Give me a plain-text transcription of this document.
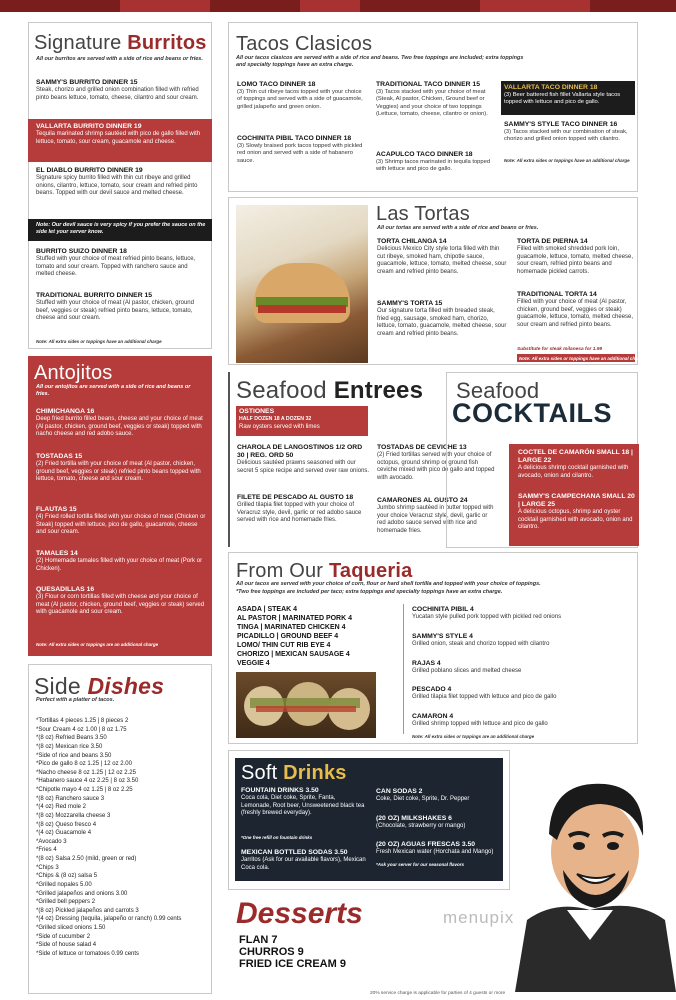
Signature Burritos
All our burritos are served with a side of rice and beans or fries.
SAMMY'S BURRITO DINNER 15
Steak, chorizo and grilled onion combination filled with refried pinto beans lettuce, tomato, cheese, cilantro and sour cream.
VALLARTA BURRITO DINNER 19
Tequila marinated shrimp sautéed with pico de gallo filled with lettuce, tomato, sour cream, guacamole and cheese.
EL DIABLO BURRITO DINNER 19
Signature spicy burrito filled with thin cut ribeye and grilled onions, cilantro, lettuce, tomato, sour cream and refried pinto beans. Topped with our devil sauce and melted cheese.
Note: Our devil sauce is very spicy if you prefer the sauce on the side let your server know.
BURRITO SUIZO DINNER 18
Stuffed with your choice of meat refried pinto beans, lettuce, tomato and sour cream. Topped with ranchero sauce and melted cheese.
TRADITIONAL BURRITO DINNER 15
Stuffed with your choice of meat (Al pastor, chicken, ground beef, veggies or steak) refried pinto beans, lettuce, tomato, cheese and sour cream.
Note: All extra sides or toppings have an additional charge
Tacos Clasicos
All our tacos clasicos are served with a side of rice and beans. Two free toppings are included; extra toppings and specialty toppings have an extra charge.
LOMO TACO DINNER 18
(3) Thin cut ribeye tacos topped with your choice of toppings and served with a side of guacamole, grilled jalapeño and green onion.
COCHINITA PIBIL TACO DINNER 18
(3) Slowly braised pork tacos topped with pickled red onion and served with a side of habanero sauce.
TRADITIONAL TACO DINNER 15
(3) Tacos stacked with your choice of meat (Steak, Al pastor, Chicken, Ground beef or Veggies) and your choice of two toppings (Lettuce, tomato, cheese, cilantro or onion).
ACAPULCO TACO DINNER 18
(3) Shrimp tacos marinated in tequila topped with lettuce and pico de gallo.
VALLARTA TACO DINNER 18
(3) Beer battered fish fillet Vallarta style tacos topped with lettuce and pico de gallo.
SAMMY'S STYLE TACO DINNER 16
(3) Tacos stacked with our combination of steak, chorizo and grilled onion topped with cilantro.
Note: All extra sides or toppings have an additional charge
Las Tortas
All our tortas are served with a side of rice and beans or fries.
TORTA CHILANGA 14
Delicious Mexico City style torta filled with thin cut ribeye, smoked ham, chipotle sauce, guacamole, lettuce, tomato, melted cheese, sour cream and refried pinto beans.
SAMMY'S TORTA 15
Our signature torta filled with breaded steak, fried egg, sausage, smoked ham, chorizo, lettuce, tomato, guacamole, melted cheese, sour cream and refried pinto beans.
TORTA DE PIERNA 14
Filled with smoked shredded pork loin, guacamole, lettuce, tomato, melted cheese, sour cream, refried pinto beans and homemade pickled carrots.
TRADITIONAL TORTA 14
Filled with your choice of meat (Al pastor, chicken, ground beef, veggies or steak) guacamole, lettuce, tomato, melted cheese, sour cream and refried pinto beans.
Substitute for steak milanesa for 1.99
Note: All extra sides or toppings have an additional charge
Antojitos
All our antojitos are served with a side of rice and beans or fries.
CHIMICHANGA 16
Deep fried burrito filled beans, cheese and your choice of meat (Al pastor, chicken, ground beef, veggies or steak) topped with nacho cheese and red adobo sauce.
TOSTADAS 15
(2) Fried tortilla with your choice of meat (Al pastor, chicken, ground beef, veggies or steak) refried pinto beans topped with lettuce, tomato, cheese and sour cream.
FLAUTAS 15
(4) Fried rolled tortilla filled with your choice of meat (Chicken or Steak) topped with lettuce, pico de gallo, guacamole, cheese and sour cream.
TAMALES 14
(2) Homemade tamales filled with your choice of meat (Pork or Chicken).
QUESADILLAS 16
(3) Flour or corn tortillas filled with cheese and your choice of meat (Al pastor, chicken, ground beef, veggies or steak) served with guacamole and sour cream.
Note: All extra sides or toppings are an additional charge
Seafood Entrees
OSTIONES
HALF DOZEN 18 A DOZEN 32
Raw oysters served with limes
CHAROLA DE LANGOSTINOS 1/2 ORD 30 | REG. ORD 50
Delicious sautéed prawns seasoned with our secret 5 spice recipe and served over raw onions.
FILETE DE PESCADO AL GUSTO 18
Grilled tilapia filet topped with your choice of Veracruz style, devil, garlic or red adobo sauce served with rice and homemade fries.
TOSTADAS DE CEVICHE 13
(2) Fried tortillas served with your choice of octopus, ground shrimp or ground fish ceviche mixed with pico de gallo and topped with avocado.
CAMARONES AL GUSTO 24
Jumbo shrimp sautéed in butter topped with your choice Veracruz style, devil, garlic or red adobo sauce served with rice and homemade fries.
Seafood
COCKTAILS
COCTEL DE CAMARÓN SMALL 18 | LARGE 22
A delicious shrimp cocktail garnished with avocado, onion and cilantro.
SAMMY'S CAMPECHANA SMALL 20 | LARGE 25
A delicious octopus, shrimp and oyster cocktail garnished with avocado, onion and cilantro.
From Our Taqueria
All our tacos are served with your choice of corn, flour or hard shell tortilla and topped with your choice of toppings.
*Two free toppings are included per taco; extra toppings and specialty toppings have an extra charge.
ASADA | STEAK 4
AL PASTOR | MARINATED PORK 4
TINGA | MARINATED CHICKEN 4
PICADILLO | GROUND BEEF 4
LOMO/ THIN CUT RIB EYE 4
CHORIZO | MEXICAN SAUSAGE 4
VEGGIE 4
COCHINITA PIBIL 4
Yucatan style pulled pork topped with pickled red onions
SAMMY'S STYLE 4
Grilled onion, steak and chorizo topped with cilantro
RAJAS 4
Grilled poblano slices and melted cheese
PESCADO 4
Grilled tilapia filet topped with lettuce and pico de gallo
CAMARON 4
Grilled shrimp topped with lettuce and pico de gallo
Note: All extra sides or toppings are an additional charge
Side Dishes
Perfect with a platter of tacos.
*Tortillas 4 pieces 1.25 | 8 pieces 2
*Sour Cream 4 oz 1.00 | 8 oz 1.75
*(8 oz) Refried Beans 3.50
*(8 oz) Mexican rice 3.50
*Side of rice and beans 3.50
*Pico de gallo 8 oz 1.25 | 12 oz 2.00
*Nacho cheese 8 oz 1.25 | 12 oz 2.25
*Habanero sauce 4 oz 2.25 | 8 oz 3.50
*Chipotle mayo 4 oz 1.25 | 8 oz 2.25
*(8 oz) Ranchero sauce 3
*(4 oz) Red mole 2
*(8 oz) Mozzarella cheese 3
*(8 oz) Queso fresco 4
*(4 oz) Guacamole 4
*Avocado 3
*Fries 4
*(8 oz) Salsa 2.50 (mild, green or red)
*Chips 3
*Chips & (8 oz) salsa 5
*Grilled nopales 5.00
*Grilled jalapeños and onions 3.00
*Grilled bell peppers 2
*(8 oz) Pickled jalapeños and carrots 3
*(4 oz) Dressing (tequila, jalapeño or ranch) 0.99 cents
*Grilled sliced onions 1.50
*Side of cucumber 2
*Side of house salad 4
*Side of lettuce or tomatoes 0.99 cents
Soft Drinks
FOUNTAIN DRINKS 3.50
Coca cola, Diet coke, Sprite, Fanta, Lemonade, Root beer, Unsweetened black tea (freshly brewed everyday).
*One free refill on fountain drinks
MEXICAN BOTTLED SODAS 3.50
Jarritos (Ask for our available flavors), Mexican Coca cola.
CAN SODAS 2
Coke, Diet coke, Sprite, Dr. Pepper
(20 OZ) MILKSHAKES 6
(Chocolate, strawberry or mango)
(20 OZ) AGUAS FRESCAS 3.50
Fresh Mexican water (Horchata and Mango)
*Ask your server for our seasonal flavors
Desserts
FLAN 7
CHURROS 9
FRIED ICE CREAM 9
menupix
20% service charge is applicable for parties of 4 guests or more
